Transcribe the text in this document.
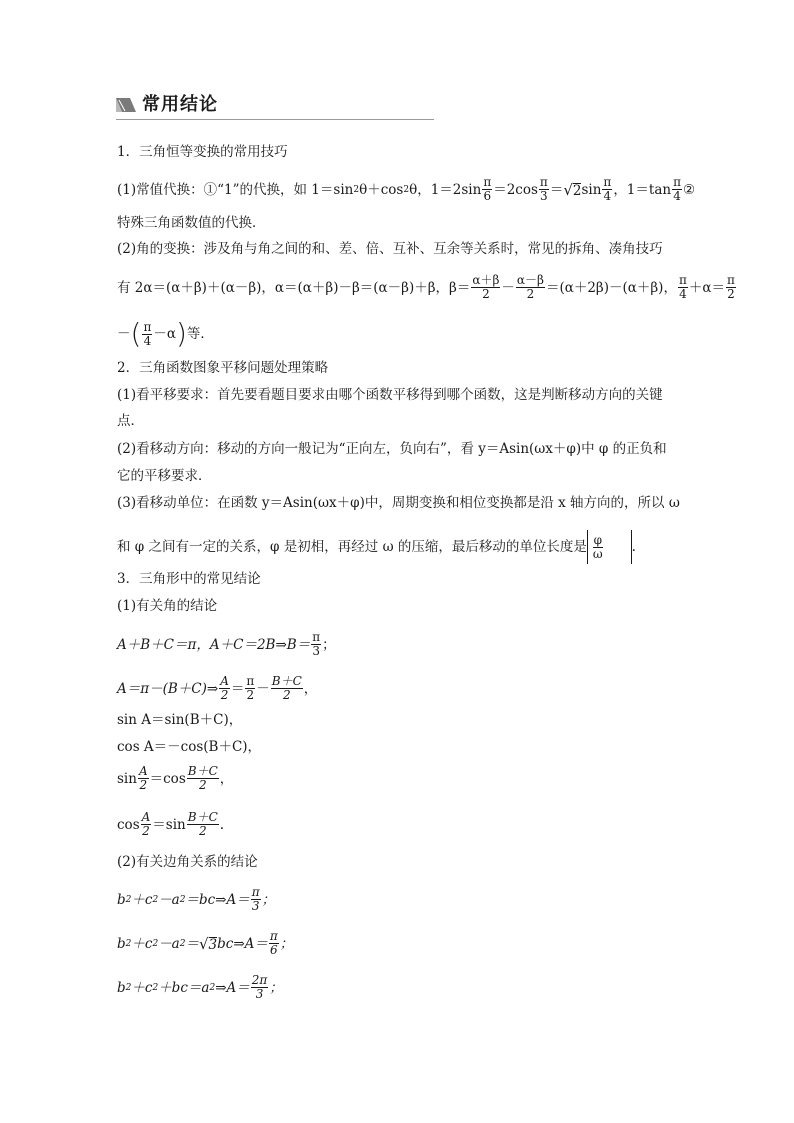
常用结论
1．三角恒等变换的常用技巧
(1)常值代换：①“1”的代换，如 1＝sin 2 θ＋cos 2 θ，$1=2\sin \frac{\pi}{6} =2\cos \frac{\pi}{3}$ ＝ √ 2 $\sin \frac{\pi}{4}$ ，$1=\tan \frac{\pi}{4}$ ②
特殊三角函数值的代换．
(2)角的变换：涉及角与角之间的和、差、倍、互补、互余等关系时，常见的拆角、凑角技巧
有 2α＝(α＋β)＋(α－β)，α＝(α＋β)－β＝(α－β)＋β，$\beta= \frac{\alpha+\beta}{2} - \frac{\alpha-\beta}{2} =(\alpha+2\beta)-(\alpha+\beta)$， $\frac{\pi}{4} +\alpha= \frac{\pi}{2}$
－ ( $\frac{\pi}{4} -\alpha$ ) 等．
2．三角函数图象平移问题处理策略
(1)看平移要求：首先要看题目要求由哪个函数平移得到哪个函数，这是判断移动方向的关键
点．
(2)看移动方向：移动的方向一般记为“正向左，负向右”，看 y＝Asin(ωx＋φ)中 φ 的正负和
它的平移要求．
(3)看移动单位：在函数 y＝Asin(ωx＋φ)中，周期变换和相位变换都是沿 x 轴方向的，所以 ω
和 φ 之间有一定的关系，φ 是初相，再经过 ω 的压缩，最后移动的单位长度是 $\frac{\varphi}{\omega}$ .
3．三角形中的常见结论
(1)有关角的结论
A＋B＋C＝π，A＋C＝2B⇒B＝ $\frac{\pi}{3}$ ；
A＝π－(B＋C)⇒ $\frac{A}{2} = \frac{\pi}{2} - \frac{B+C}{2}$ ，
sin A＝sin(B＋C)，
cos A＝－cos(B＋C)，
$\sin \frac{A}{2} =\cos \frac{B+C}{2}$ ，
$\cos \frac{A}{2} =\sin \frac{B+C}{2}$ .
(2)有关边角关系的结论
b 2 ＋c 2 －a 2 ＝bc⇒A＝ $\frac{\pi}{3}$ ；
b 2 ＋c 2 －a 2 ＝ √ 3 bc⇒A＝ $\frac{\pi}{6}$ ；
b 2 ＋c 2 ＋bc＝a 2 ⇒A＝ $\frac{2\pi}{3}$ ；
